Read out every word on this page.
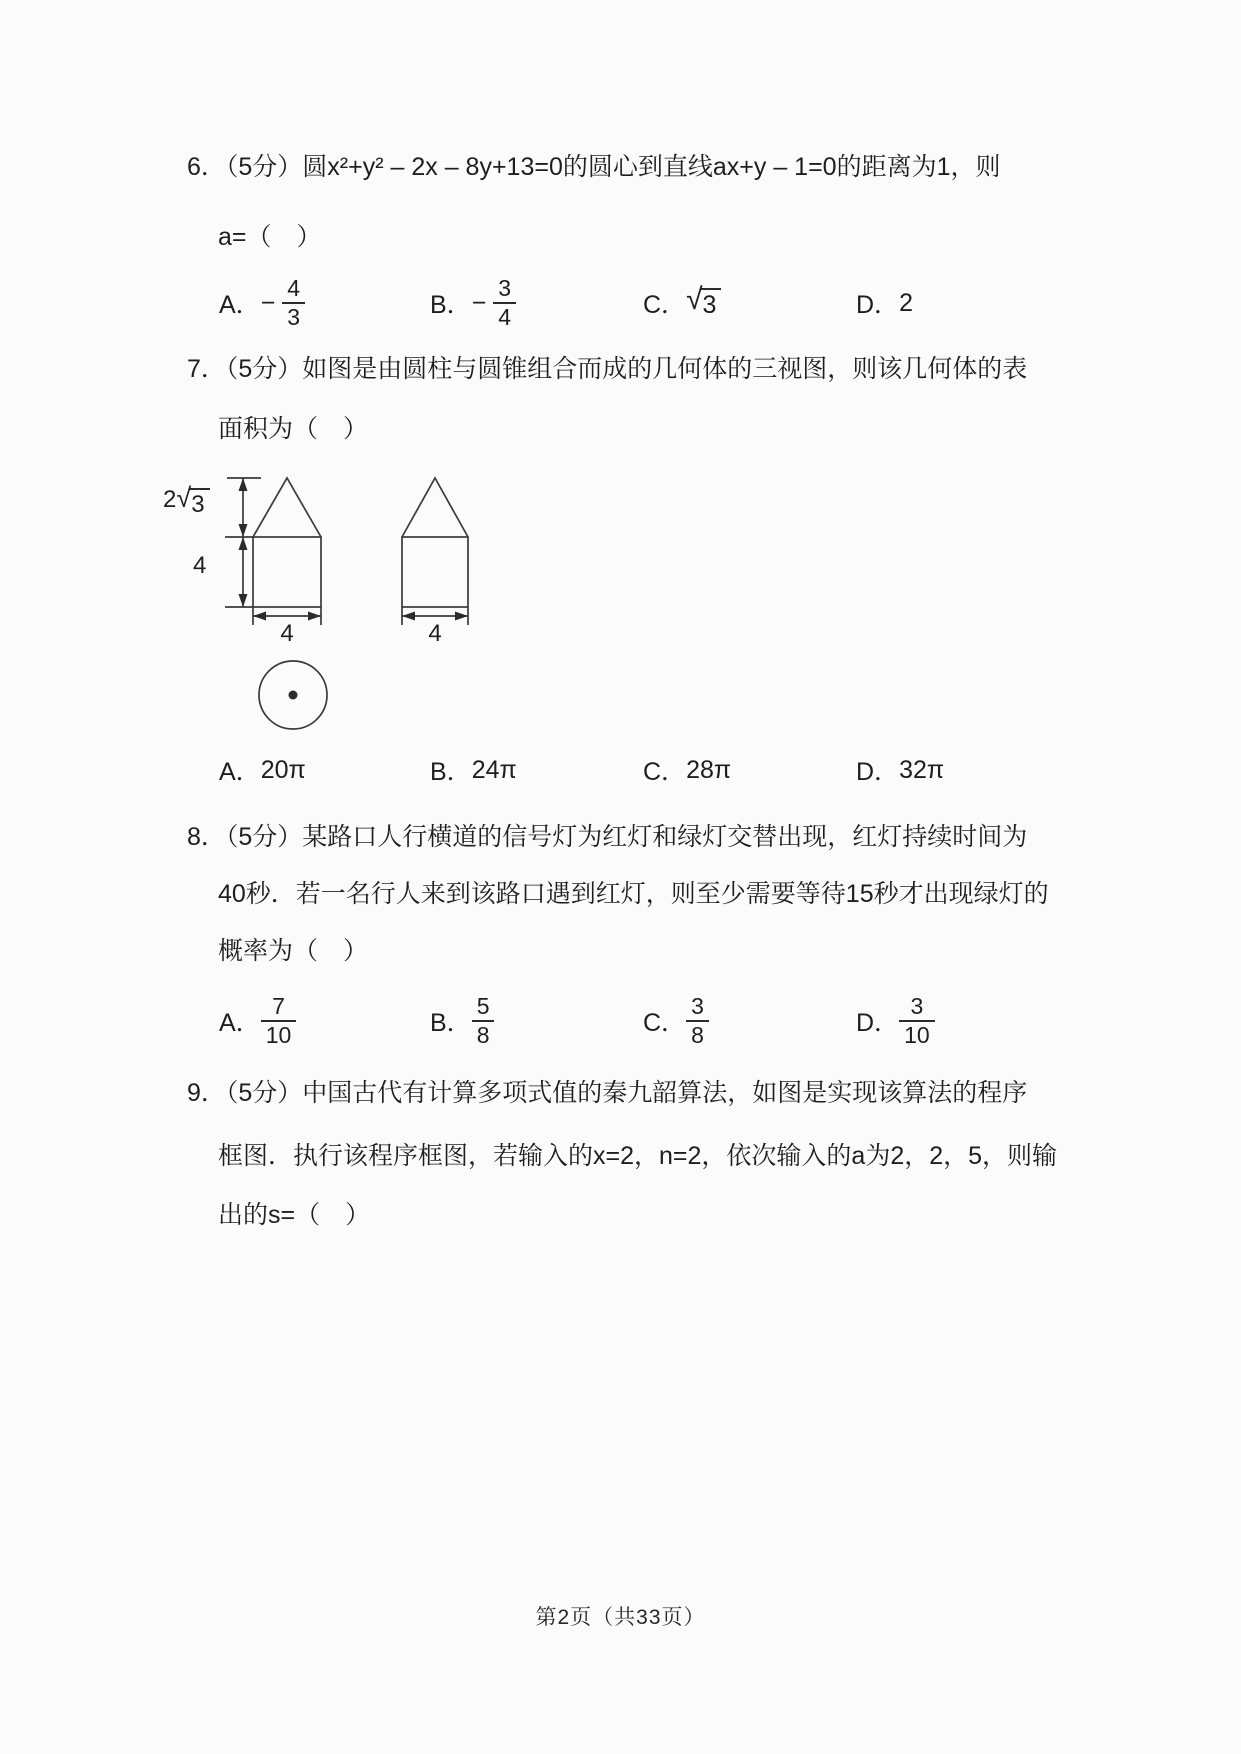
6．（5分）圆x²+y² – 2x – 8y+13=0的圆心到直线ax+y – 1=0的距离为1，则
a=（　）
A． − $\frac{4}{3}$	B． − $\frac{3}{4}$	C． √ 3	D． 2
7．（5分）如图是由圆柱与圆锥组合而成的几何体的三视图，则该几何体的表
面积为（　）
2 √ 3
4
4	4
A． 20π	B． 24π	C． 28π	D． 32π
8．（5分）某路口人行横道的信号灯为红灯和绿灯交替出现，红灯持续时间为
40秒．若一名行人来到该路口遇到红灯，则至少需要等待15秒才出现绿灯的
概率为（　）
A． $\frac{7}{10}$	B． $\frac{5}{8}$	C． $\frac{3}{8}$	D． $\frac{3}{10}$
9．（5分）中国古代有计算多项式值的秦九韶算法，如图是实现该算法的程序
框图．执行该程序框图，若输入的x=2，n=2，依次输入的a为2，2，5，则输
出的s=（　）
第2页（共33页）
